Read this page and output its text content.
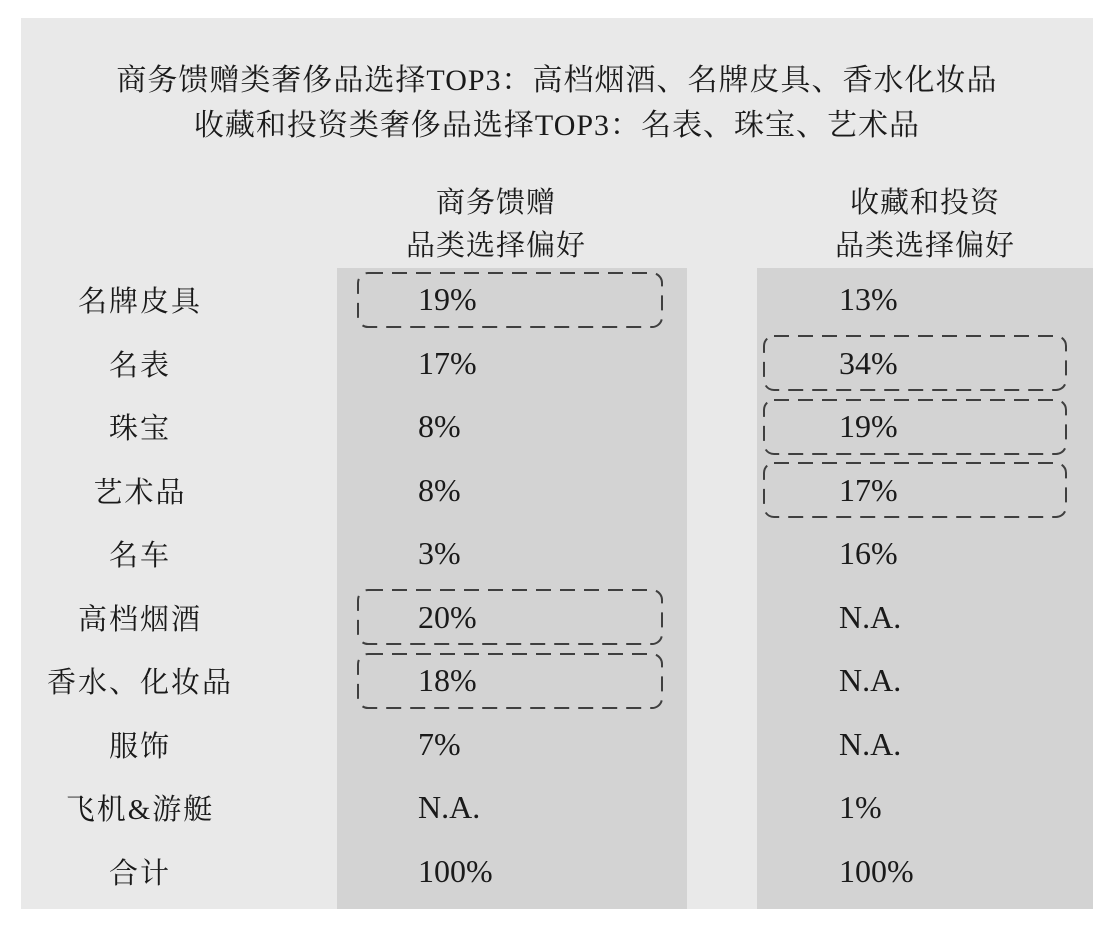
商务馈赠类奢侈品选择TOP3：高档烟酒、名牌皮具、香水化妆品
收藏和投资类奢侈品选择TOP3：名表、珠宝、艺术品
商务馈赠
品类选择偏好
收藏和投资
品类选择偏好
名牌皮具	19%	13%
名表	17%	34%
珠宝	8%	19%
艺术品	8%	17%
名车	3%	16%
高档烟酒	20%	N.A.
香水、化妆品	18%	N.A.
服饰	7%	N.A.
飞机&游艇	N.A.	1%
合计	100%	100%
